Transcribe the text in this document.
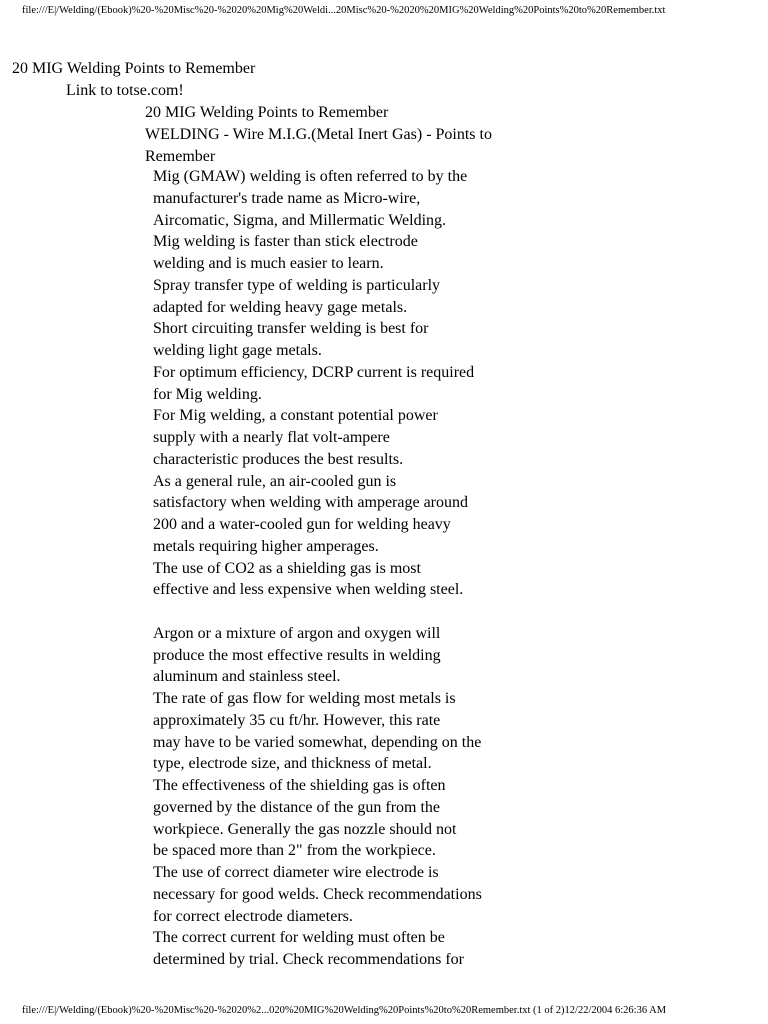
file:///E|/Welding/(Ebook)%20-%20Misc%20-%2020%20Mig%20Weldi...20Misc%20-%2020%20MIG%20Welding%20Points%20to%20Remember.txt
20 MIG Welding Points to Remember
Link to totse.com!
20 MIG Welding Points to Remember
WELDING - Wire M.I.G.(Metal Inert Gas) - Points to
Remember
Mig (GMAW) welding is often referred to by the
manufacturer's trade name as Micro-wire,
Aircomatic, Sigma, and Millermatic Welding.
Mig welding is faster than stick electrode
welding and is much easier to learn.
Spray transfer type of welding is particularly
adapted for welding heavy gage metals.
Short circuiting transfer welding is best for
welding light gage metals.
For optimum efficiency, DCRP current is required
for Mig welding.
For Mig welding, a constant potential power
supply with a nearly flat volt-ampere
characteristic produces the best results.
As a general rule, an air-cooled gun is
satisfactory when welding with amperage around
200 and a water-cooled gun for welding heavy
metals requiring higher amperages.
The use of CO2 as a shielding gas is most
effective and less expensive when welding steel.
Argon or a mixture of argon and oxygen will
produce the most effective results in welding
aluminum and stainless steel.
The rate of gas flow for welding most metals is
approximately 35 cu ft/hr. However, this rate
may have to be varied somewhat, depending on the
type, electrode size, and thickness of metal.
The effectiveness of the shielding gas is often
governed by the distance of the gun from the
workpiece. Generally the gas nozzle should not
be spaced more than 2" from the workpiece.
The use of correct diameter wire electrode is
necessary for good welds. Check recommendations
for correct electrode diameters.
The correct current for welding must often be
determined by trial. Check recommendations for
file:///E|/Welding/(Ebook)%20-%20Misc%20-%2020%2...020%20MIG%20Welding%20Points%20to%20Remember.txt (1 of 2)12/22/2004 6:26:36 AM
